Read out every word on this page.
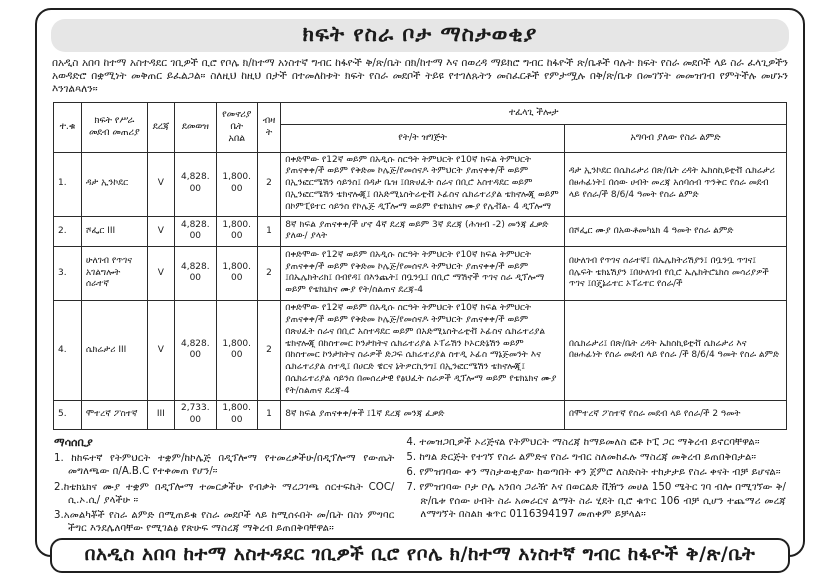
ክፍት የስራ ቦታ ማስታወቂያ

በአዲስ አበባ ከተማ አስተዳደር ገቢዎች ቢሮ የቦሌ ክ/ከተማ አነስተኛ ግብር ከፋዮች ቅ/ጽ/ቤት በክ/ከተማ እና በወረዳ ማይክሮ ግብር ከፋዮች ጽ/ቤቶች ባሉት ክፍት የስራ መደቦች ላይ ስራ ፈላጊዎችን አወዳድሮ በቋሚነት መቅጠር ይፈልጋል። ስለዚህ ከዚህ በታች በተመለከቱት ክፍት የስራ መደቦች ትይዩ የተገለጹትን መስፈርቶች የምታሟሉ በቅ/ጽ/ቤቱ በመገኘት መመዝገብ የምትችሉ መሆኑን እንገልጻለን።

ተ.ቁ	ክፍት የሥራ መደብ መጠሪያ	ደረጃ	ደመወዝ	የመኖሪያ ቤት አበል	ብዛት	ተፈላጊ ችሎታ	
						የት/ት ዝግጅት	አግባብ ያለው የስራ ልምድ
1.	ዳታ ኢንኮደር	V	4,828.00	1,800.00	2	በቀድሞው የ12ኛ ወይም በአዲሱ ስርዓት ትምህርት የ10ኛ ክፍል ትምህርት ያጠናቀቀ/ች ወይም የቅድመ ኮሌጅ/የመሰናዶ ትምህርት ያጠናቀቀ/ች ወይም በኢንፎርሜሽን ሳይንስ፤ በዳታ ቤዝ ፤በጽሀፈት ስራና በቢሮ አስተዳደር ወይም በኢንፎርሜሽን ቴክኖሎጂ፤ በአድሚኒስትሬቲቭ ኦፊስና ሴክሬተሪያል ቴክኖሎጂ ወይም በኮምፒዩተር ሳይንስ የኮሌጅ ዲፕሎማ ወይም የቴክኒክና ሙያ የሌቭል- 4 ዲፕሎማ	ዳታ ኢንኮደር በሴክሬታሪ በጽ/ቤት ረዳት ኤክስኪዩቲቭ ሴክሬታሪ በፀሐፊነት፤ በሰው ሀብት መረጃ አሰባሰብ ጥንቅር የስራ መደብ ላይ የሰራ/ች 8/6/4 ዓመት የስራ ልምድ
2.	ሾፌር III	V	4,828.00	1,800.00	1	8ኛ ክፍል ያጠናቀቀ/ች ሆኖ 4ኛ ደረጃ ወይም 3ኛ ደረጃ (ሕዝብ -2) መንጃ ፈቃድ ያለው/ ያላት	በሾፌር ሙያ በአውቶመካኒክ 4 ዓመት የስራ ልምድ
3.	ሁለገብ የጥገና አገልግሎት ሰራተኛ	V	4,828.00	1,800.00	2	በቀድሞው የ12ኛ ወይም በአዲሱ ስርዓት ትምህርት የ10ኛ ክፍል ትምህርት ያጠናቀቀ/ች ወይም የቅድመ ኮሌጅ/የመሰናዶ ትምህርት ያጠናቀቀ/ች ወይም ፤በኤሌክትሪክ፤ በብየዳ፤ በእንጨት፤ በቧንቧ፤ በቢሮ ማሽኖች ጥገና ስራ ዲፕሎማ ወይም የቴክኒክና ሙያ የት/ስልጠና ደረጃ-4	በሁለገብ የጥገና ሰራተኛ፤ በኤሌክትሪሽያን፤ በቧንቧ ጥገና፤ በሌፍት ቴክኒሽያን ፤በሁለገብ የቢሮ ኤሌክትሮኒክስ መሳሪያዎች ጥገና ፤በጄኔሬተር ኦፐሬተር የሰራ/ች
4.	ሴክሬታሪ III	V	4,828.00	1,800.00	2	በቀድሞው የ12ኛ ወይም በአዲሱ ስርዓት ትምህርት የ10ኛ ክፍል ትምህርት ያጠናቀቀ/ች ወይም የቅድመ ኮሌጅ/የመሰናዶ ትምህርት ያጠናቀቀ/ች ወይም በጽሀፈት ስራና በቢሮ አስተዳደር ወይም በአድሚኒስትሬቲቭ ኦፊስና ሴክሬተሪያል ቴክኖሎጂ በከስተመር ኮንታክትና ሴክሬተሪያል ኦፐሬሽን ኮኦርድኔሽን ወይም በከስተመር ኮንታክትና ስራዎች ድጋፍ ሴክሬተሪያል ስተዲ ኦፊስ ማኔጅመንት እና ሴክሬተሪያል ስተዲ፤ በሀርድ ዌርና ኔትዎርኪንግ፤ በኢንፎርሜሽን ቴክኖሎጂ፤ በሴክሬተሪያል ሳይንስ በመሰረታዊ የፅህፈት ስራዎች ዲፕሎማ ወይም የቴክኒክና ሙያ የት/ስልጠና ደረጃ-4	በሴክሬታሪ፤ በጽ/ቤት ረዳት ኤክስኪዩቲቭ ሴክሬታሪ እና በፀሐፊነት የስራ መደብ ላይ የሰራ /ች 8/6/4 ዓመት የስራ ልምድ
5.	ሞተረኛ ፖስተኛ	III	2,733.00	1,800.00	1	8ኛ ክፍል ያጠናቀቀ/ቀች ፤1ኛ ደረጃ መንጃ ፈቃድ	በሞተረኛ ፖስተኛ የስራ መደብ ላይ የሰራ/ች 2 ዓመት
ማሳሰቢያ
1. ከከፍተኛ የትምህርት ተቋም/ከኮሌጅ በዲፕሎማ የተመረቃችሁ/በዲፕሎማ የውጤት መግለጫው በ/A.B.C የተቀመጠ የሆን/።
2.ከቴክኒክና ሙያ ተቋም በዲፕሎማ ተመርቃችሁ የብቃት ማረጋገጫ ሰርተፍኬት COC/ ሲ.ኦ.ሲ/ ያላችሁ ።
3.አመልካቾች የስራ ልምድ በሚጠይቁ የስራ መደቦች ላይ ከሚሰሩበት መ/ቤት በስነ ምግባር ችግር እንደሌለባቸው የሚገልፅ የጽሁፍ ማስረጃ ማቅረብ ይጠበቅባቸዋል።
4. ተመዝጋቢዎች ኦሪጅናል የትምህርት ማስረጃ ከማይመለስ ፎቶ ኮፒ ጋር ማቅረብ ይኖርባቸዋል።
5. ከግል ድርጅት የተገኘ የስራ ልምድና የስራ ግብር ስለመከፈሉ ማስረጃ መቅረብ ይጠበቅበታል።
6. የምዝገባው ቀን ማስታወቂያው ከወጣበት ቀን ጀምሮ ለስድስት ተከታታይ የስራ ቀናት ብቻ ይሆናል።
7. የምዝገባው ቦታ ቦሌ አንበሳ ጋራዥ እና በወርልድ ቪዥን መሀል 150 ሜትር ገባ ብሎ በሚገኘው ቅ/ጽ/ቤቱ የሰው ሀብት ስራ አመራርና ልማት ስራ ሂደት ቢሮ ቁጥር 106 ብቻ ሲሆን ተጨማሪ መረጃ ለማግኘት በስልክ ቁጥር 0116394197 መጠቀም ይቻላል።
በአዲስ አበባ ከተማ አስተዳደር ገቢዎች ቢሮ የቦሌ ክ/ከተማ አነስተኛ ግብር ከፋዮች ቅ/ጽ/ቤት
